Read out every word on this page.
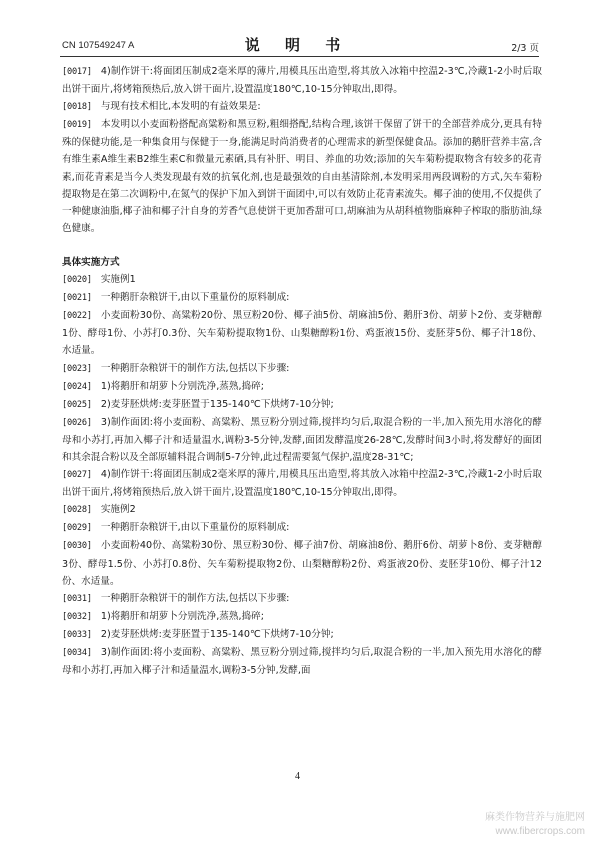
CN 107549247 A	说 明 书	2/3 页

[0017] 4)制作饼干:将面团压制成2毫米厚的薄片,用模具压出造型,将其放入冰箱中控温2-3℃,冷藏1-2小时后取出饼干面片,将烤箱预热后,放入饼干面片,设置温度180℃,10-15分钟取出,即得。

[0018] 与现有技术相比,本发明的有益效果是:

[0019] 本发明以小麦面粉搭配高粱粉和黑豆粉,粗细搭配,结构合理,该饼干保留了饼干的全部营养成分,更具有特殊的保健功能,是一种集食用与保健于一身,能满足时尚消费者的心理需求的新型保健食品。添加的鹅肝营养丰富,含有维生素A维生素B2维生素C和微量元素硒,具有补肝、明目、养血的功效;添加的矢车菊粉提取物含有较多的花青素,而花青素是当今人类发现最有效的抗氧化剂,也是最强效的自由基清除剂,本发明采用两段调粉的方式,矢车菊粉提取物是在第二次调粉中,在氮气的保护下加入到饼干面团中,可以有效防止花青素流失。椰子油的使用,不仅提供了一种健康油脂,椰子油和椰子汁自身的芳香气息使饼干更加香甜可口,胡麻油为从胡科植物脂麻种子榨取的脂肪油,绿色健康。

具体实施方式

[0020] 实施例1

[0021] 一种鹅肝杂粮饼干,由以下重量份的原料制成:

[0022] 小麦面粉30份、高粱粉20份、黑豆粉20份、椰子油5份、胡麻油5份、鹅肝3份、胡萝卜2份、麦芽糖醇1份、酵母1份、小苏打0.3份、矢车菊粉提取物1份、山梨糖醇粉1份、鸡蛋液15份、麦胚芽5份、椰子汁18份、水适量。

[0023] 一种鹅肝杂粮饼干的制作方法,包括以下步骤:

[0024] 1)将鹅肝和胡萝卜分别洗净,蒸熟,捣碎;

[0025] 2)麦芽胚烘烤:麦芽胚置于135-140℃下烘烤7-10分钟;

[0026] 3)制作面团:将小麦面粉、高粱粉、黑豆粉分别过筛,搅拌均匀后,取混合粉的一半,加入预先用水溶化的酵母和小苏打,再加入椰子汁和适量温水,调粉3-5分钟,发酵,面团发酵温度26-28℃,发酵时间3小时,将发酵好的面团和其余混合粉以及全部原辅料混合调制5-7分钟,此过程需要氮气保护,温度28-31℃;

[0027] 4)制作饼干:将面团压制成2毫米厚的薄片,用模具压出造型,将其放入冰箱中控温2-3℃,冷藏1-2小时后取出饼干面片,将烤箱预热后,放入饼干面片,设置温度180℃,10-15分钟取出,即得。

[0028] 实施例2

[0029] 一种鹅肝杂粮饼干,由以下重量份的原料制成:

[0030] 小麦面粉40份、高粱粉30份、黑豆粉30份、椰子油7份、胡麻油8份、鹅肝6份、胡萝卜8份、麦芽糖醇3份、酵母1.5份、小苏打0.8份、矢车菊粉提取物2份、山梨糖醇粉2份、鸡蛋液20份、麦胚芽10份、椰子汁12份、水适量。

[0031] 一种鹅肝杂粮饼干的制作方法,包括以下步骤:

[0032] 1)将鹅肝和胡萝卜分别洗净,蒸熟,捣碎;

[0033] 2)麦芽胚烘烤:麦芽胚置于135-140℃下烘烤7-10分钟;

[0034] 3)制作面团:将小麦面粉、高粱粉、黑豆粉分别过筛,搅拌均匀后,取混合粉的一半,加入预先用水溶化的酵母和小苏打,再加入椰子汁和适量温水,调粉3-5分钟,发酵,面

4
麻类作物营养与施肥网
www.fibercrops.com
